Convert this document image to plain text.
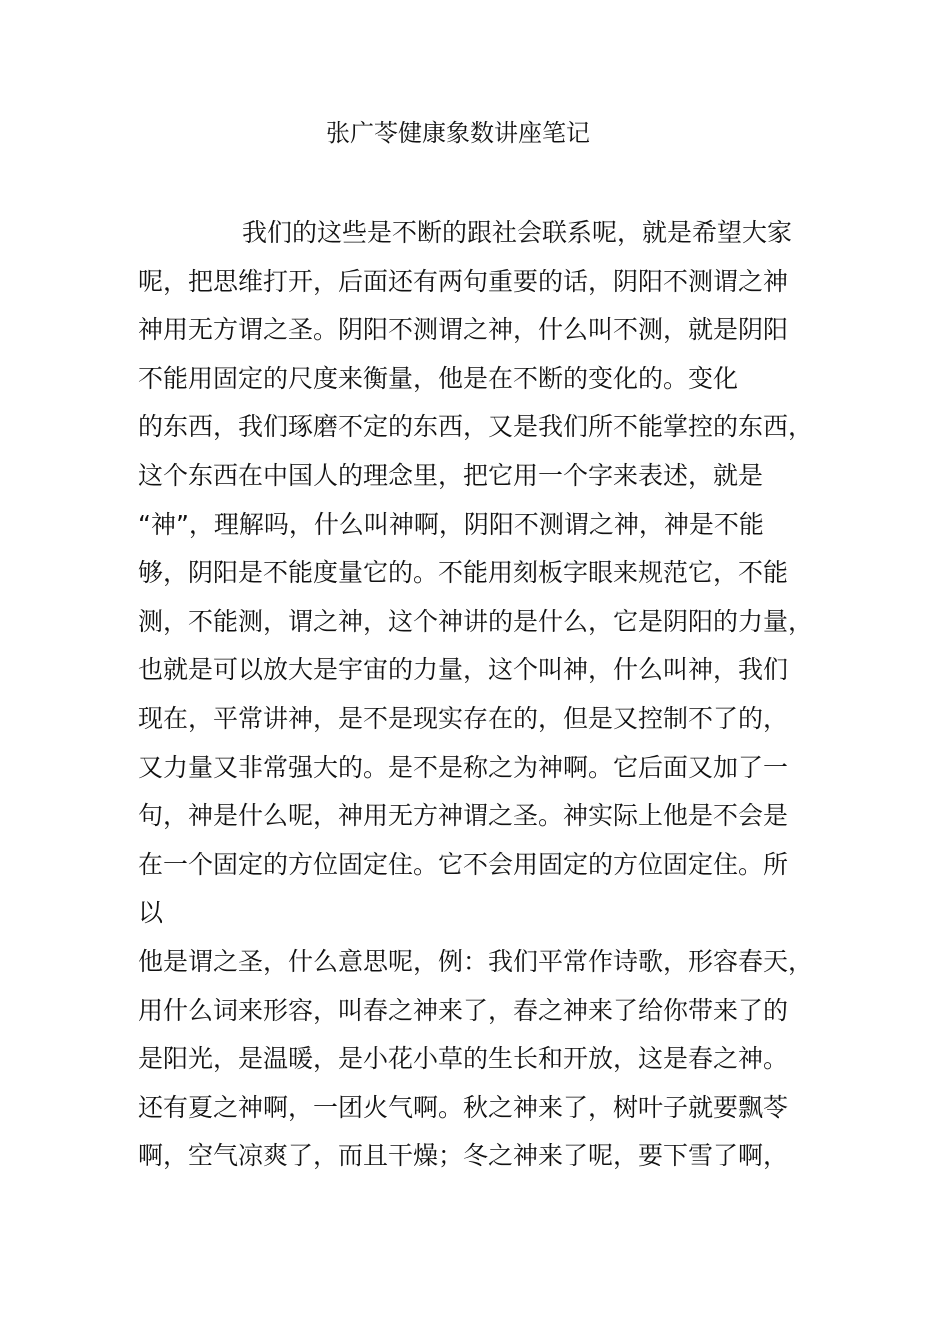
张广苓健康象数讲座笔记
我们的这些是不断的跟社会联系呢，就是希望大家
呢，把思维打开，后面还有两句重要的话，阴阳不测谓之神
神用无方谓之圣。阴阳不测谓之神，什么叫不测，就是阴阳
不能用固定的尺度来衡量，他是在不断的变化的。变化
的东西，我们琢磨不定的东西，又是我们所不能掌控的东西，
这个东西在中国人的理念里，把它用一个字来表述，就是
“神”，理解吗，什么叫神啊，阴阳不测谓之神，神是不能
够，阴阳是不能度量它的。不能用刻板字眼来规范它，不能
测，不能测，谓之神，这个神讲的是什么，它是阴阳的力量，
也就是可以放大是宇宙的力量，这个叫神，什么叫神，我们
现在，平常讲神，是不是现实存在的，但是又控制不了的，
又力量又非常强大的。是不是称之为神啊。它后面又加了一
句，神是什么呢，神用无方神谓之圣。神实际上他是不会是
在一个固定的方位固定住。它不会用固定的方位固定住。所
以
他是谓之圣，什么意思呢，例：我们平常作诗歌，形容春天，
用什么词来形容，叫春之神来了，春之神来了给你带来了的
是阳光，是温暖，是小花小草的生长和开放，这是春之神。
还有夏之神啊，一团火气啊。秋之神来了，树叶子就要飘苓
啊，空气凉爽了，而且干燥；冬之神来了呢，要下雪了啊，
